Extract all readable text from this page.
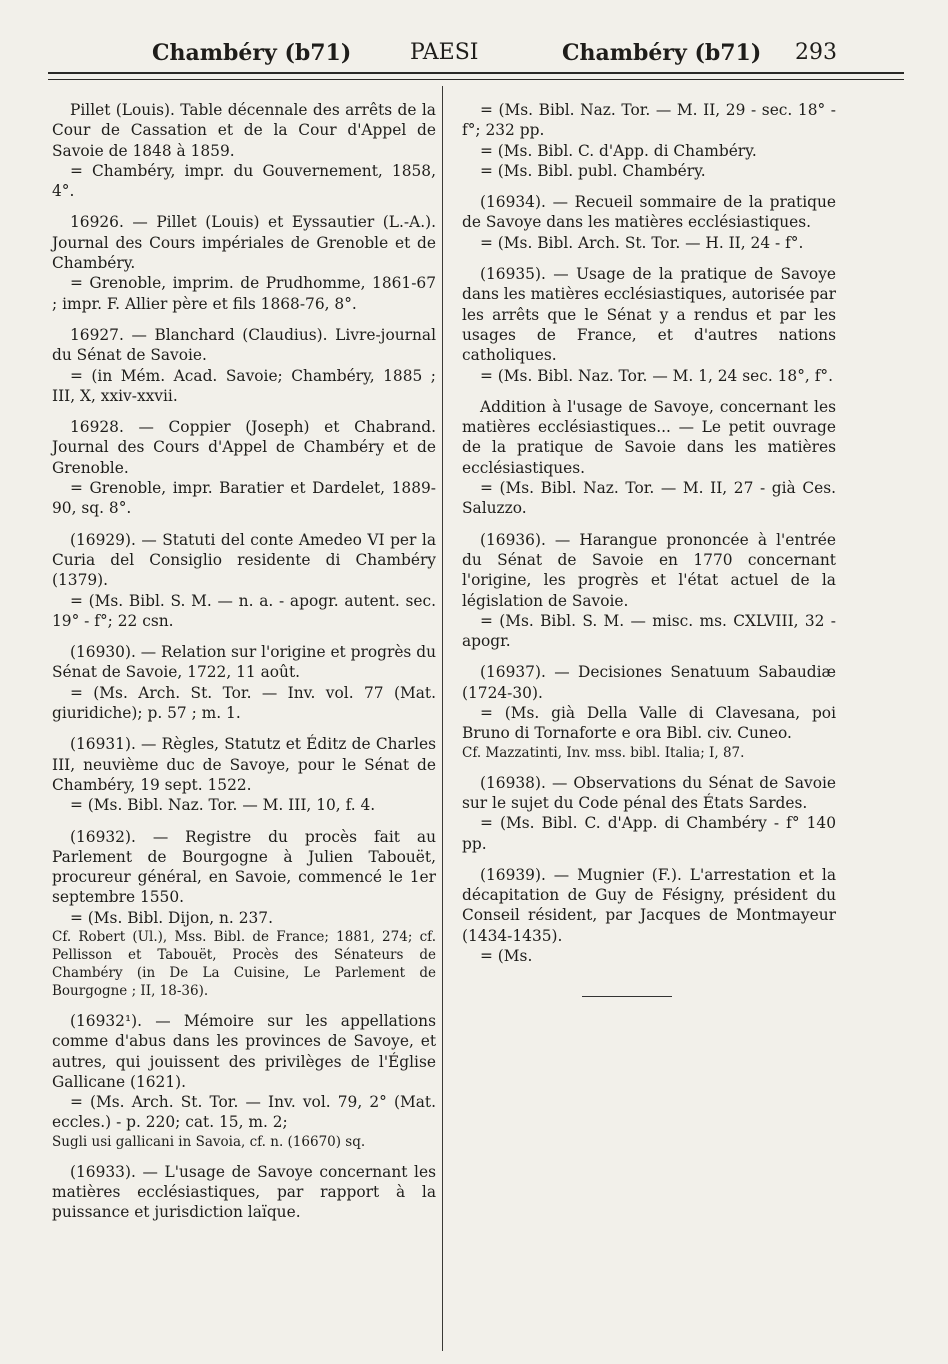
Chambéry (b71)	PAESI	Chambéry (b71) 293

Pillet (Louis). Table décennale des arrêts de la Cour de Cassation et de la Cour d'Appel de Savoie de 1848 à 1859.

= Chambéry, impr. du Gouvernement, 1858, 4°.

16926. — Pillet (Louis) et Eyssautier (L.-A.). Journal des Cours impériales de Grenoble et de Chambéry.

= Grenoble, imprim. de Prudhomme, 1861-67 ; impr. F. Allier père et fils 1868-76, 8°.

16927. — Blanchard (Claudius). Livre-journal du Sénat de Savoie.

= (in Mém. Acad. Savoie; Chambéry, 1885 ; III, X, xxiv-xxvii.

16928. — Coppier (Joseph) et Chabrand. Journal des Cours d'Appel de Chambéry et de Grenoble.

= Grenoble, impr. Baratier et Dardelet, 1889-90, sq. 8°.

(16929). — Statuti del conte Amedeo VI per la Curia del Consiglio residente di Chambéry (1379).

= (Ms. Bibl. S. M. — n. a. - apogr. autent. sec. 19° - f°; 22 csn.

(16930). — Relation sur l'origine et progrès du Sénat de Savoie, 1722, 11 août.

= (Ms. Arch. St. Tor. — Inv. vol. 77 (Mat. giuridiche); p. 57 ; m. 1.

(16931). — Règles, Statutz et Éditz de Charles III, neuvième duc de Savoye, pour le Sénat de Chambéry, 19 sept. 1522.

= (Ms. Bibl. Naz. Tor. — M. III, 10, f. 4.

(16932). — Registre du procès fait au Parlement de Bourgogne à Julien Tabouët, procureur général, en Savoie, commencé le 1er septembre 1550.

= (Ms. Bibl. Dijon, n. 237.

Cf. Robert (Ul.), Mss. Bibl. de France; 1881, 274; cf. Pellisson et Tabouët, Procès des Sénateurs de Chambéry (in De La Cuisine, Le Parlement de Bourgogne ; II, 18-36).

(16932¹). — Mémoire sur les appellations comme d'abus dans les provinces de Savoye, et autres, qui jouissent des privilèges de l'Église Gallicane (1621).

= (Ms. Arch. St. Tor. — Inv. vol. 79, 2° (Mat. eccles.) - p. 220; cat. 15, m. 2;

Sugli usi gallicani in Savoia, cf. n. (16670) sq.

(16933). — L'usage de Savoye concernant les matières ecclésiastiques, par rapport à la puissance et jurisdiction laïque.

= (Ms. Bibl. Naz. Tor. — M. II, 29 - sec. 18° - f°; 232 pp.

= (Ms. Bibl. C. d'App. di Chambéry.

= (Ms. Bibl. publ. Chambéry.

(16934). — Recueil sommaire de la pratique de Savoye dans les matières ecclésiastiques.

= (Ms. Bibl. Arch. St. Tor. — H. II, 24 - f°.

(16935). — Usage de la pratique de Savoye dans les matières ecclésiastiques, autorisée par les arrêts que le Sénat y a rendus et par les usages de France, et d'autres nations catholiques.

= (Ms. Bibl. Naz. Tor. — M. 1, 24 sec. 18°, f°.

Addition à l'usage de Savoye, concernant les matières ecclésiastiques... — Le petit ouvrage de la pratique de Savoie dans les matières ecclésiastiques.

= (Ms. Bibl. Naz. Tor. — M. II, 27 - già Ces. Saluzzo.

(16936). — Harangue prononcée à l'entrée du Sénat de Savoie en 1770 concernant l'origine, les progrès et l'état actuel de la législation de Savoie.

= (Ms. Bibl. S. M. — misc. ms. CXLVIII, 32 - apogr.

(16937). — Decisiones Senatuum Sabaudiæ (1724-30).

= (Ms. già Della Valle di Clavesana, poi Bruno di Tornaforte e ora Bibl. civ. Cuneo.

Cf. Mazzatinti, Inv. mss. bibl. Italia; I, 87.

(16938). — Observations du Sénat de Savoie sur le sujet du Code pénal des États Sardes.

= (Ms. Bibl. C. d'App. di Chambéry - f° 140 pp.

(16939). — Mugnier (F.). L'arrestation et la décapitation de Guy de Fésigny, président du Conseil résident, par Jacques de Montmayeur (1434-1435).

= (Ms.
